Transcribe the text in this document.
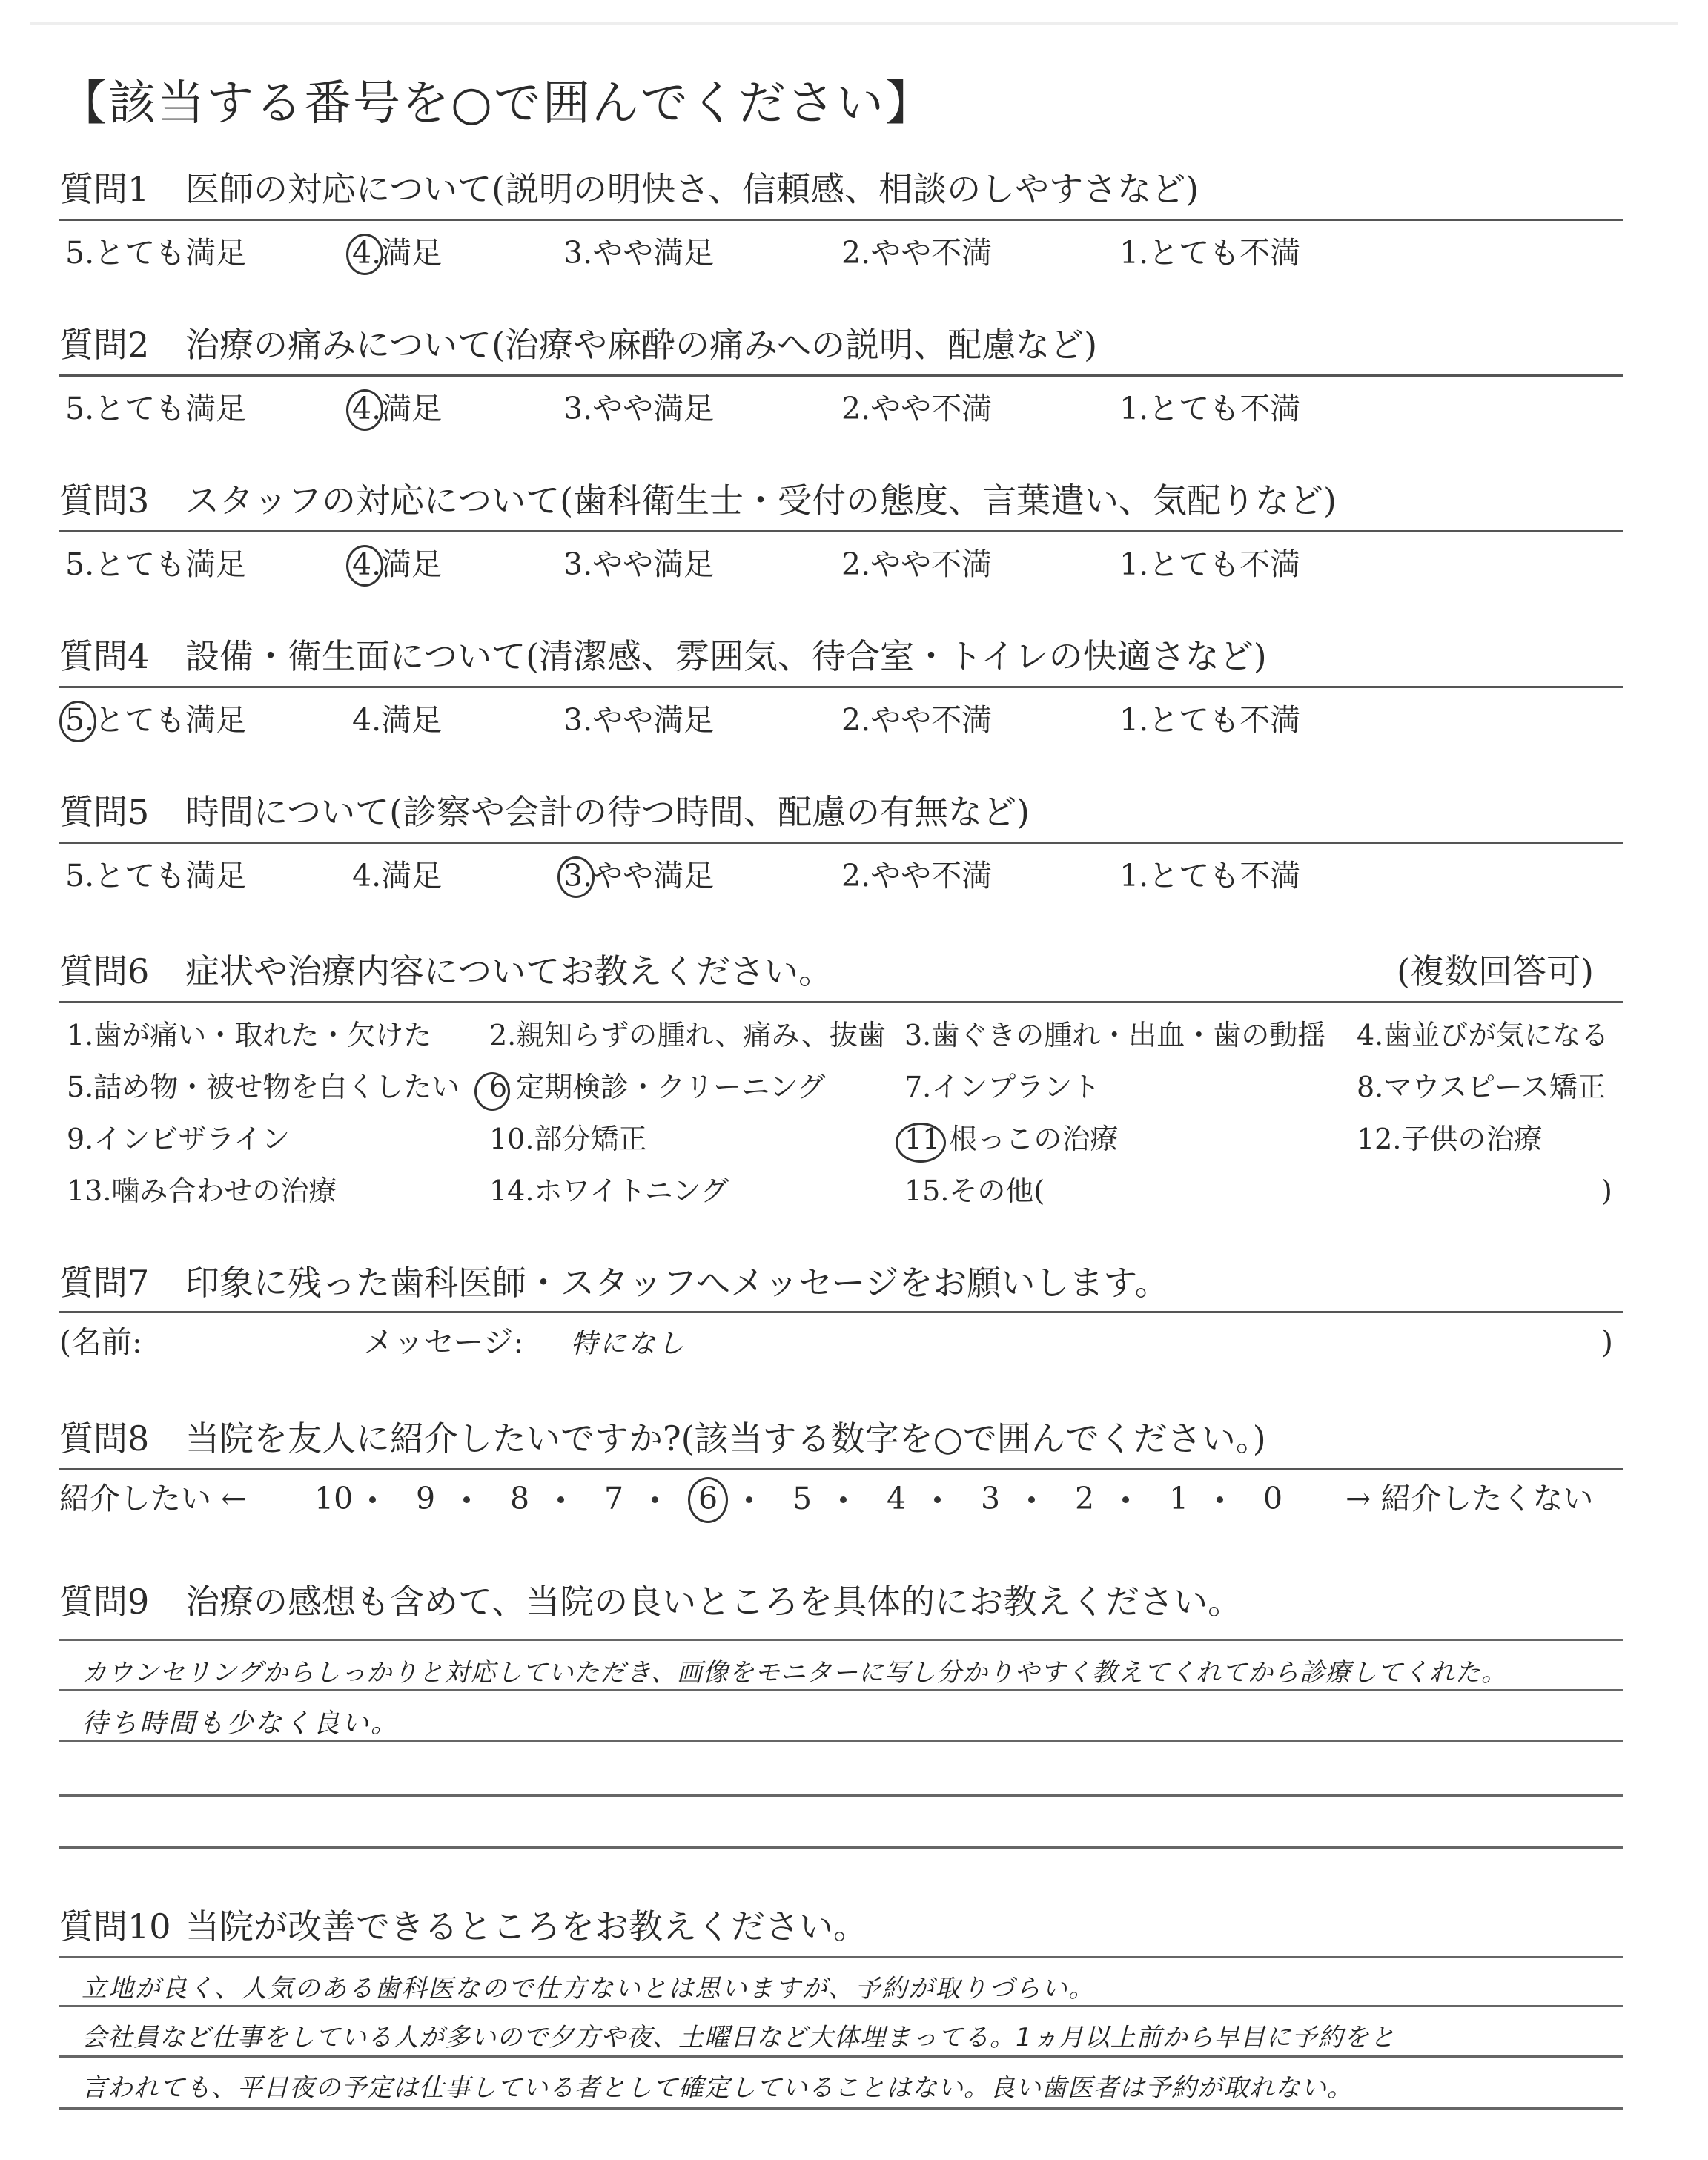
【該当する番号を○で囲んでください】
質問1 医師の対応について(説明の明快さ、信頼感、相談のしやすさなど)
5.とても満足	4.満足	3.やや満足	2.やや不満	1.とても不満
質問2 治療の痛みについて(治療や麻酔の痛みへの説明、配慮など)
5.とても満足	4.満足	3.やや満足	2.やや不満	1.とても不満
質問3 スタッフの対応について(歯科衛生士・受付の態度、言葉遣い、気配りなど)
5.とても満足	4.満足	3.やや満足	2.やや不満	1.とても不満
質問4 設備・衛生面について(清潔感、雰囲気、待合室・トイレの快適さなど)
5.とても満足	4.満足	3.やや満足	2.やや不満	1.とても不満
質問5 時間について(診察や会計の待つ時間、配慮の有無など)
5.とても満足	4.満足	3.やや満足	2.やや不満	1.とても不満
質問6 症状や治療内容についてお教えください。	(複数回答可)
1.歯が痛い・取れた・欠けた 2.親知らずの腫れ、痛み、抜歯 3.歯ぐきの腫れ・出血・歯の動揺 4.歯並びが気になる
5.詰め物・被せ物を白くしたい 6 定期検診・クリーニング	7.インプラント	8.マウスピース矯正
9.インビザライン	10.部分矯正	11 根っこの治療	12.子供の治療
13.噛み合わせの治療	14.ホワイトニング	15.その他(	)
質問7 印象に残った歯科医師・スタッフへメッセージをお願いします。
(名前:	メッセージ: 特になし	)
質問8 当院を友人に紹介したいですか?(該当する数字を○で囲んでください。)
紹介したい ←	→ 紹介したくない
10 9 8 7 6 5 4 3 2 1 0
質問9 治療の感想も含めて、当院の良いところを具体的にお教えください。
カウンセリングからしっかりと対応していただき、画像をモニターに写し分かりやすく教えてくれてから診療してくれた。
待ち時間も少なく良い。
質問10 当院が改善できるところをお教えください。
立地が良く、人気のある歯科医なので仕方ないとは思いますが、予約が取りづらい。
会社員など仕事をしている人が多いので夕方や夜、土曜日など大体埋まってる。1ヵ月以上前から早目に予約をと
言われても、平日夜の予定は仕事している者として確定していることはない。良い歯医者は予約が取れない。
